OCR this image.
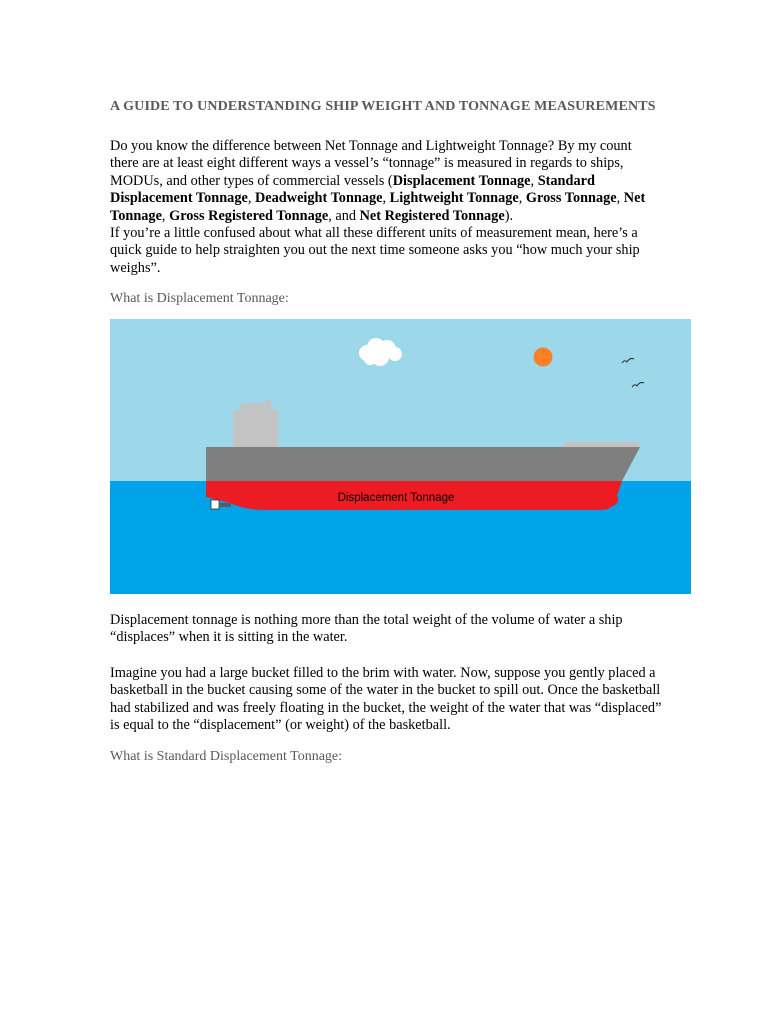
A GUIDE TO UNDERSTANDING SHIP WEIGHT AND TONNAGE MEASUREMENTS
Do you know the difference between Net Tonnage and Lightweight Tonnage? By my count
there are at least eight different ways a vessel’s “tonnage” is measured in regards to ships,
MODUs, and other types of commercial vessels (Displacement Tonnage, Standard
Displacement Tonnage, Deadweight Tonnage, Lightweight Tonnage, Gross Tonnage, Net
Tonnage, Gross Registered Tonnage, and Net Registered Tonnage).
If you’re a little confused about what all these different units of measurement mean, here’s a
quick guide to help straighten you out the next time someone asks you “how much your ship
weighs”.
What is Displacement Tonnage:
Displacement Tonnage
Displacement tonnage is nothing more than the total weight of the volume of water a ship
“displaces” when it is sitting in the water.
Imagine you had a large bucket filled to the brim with water. Now, suppose you gently placed a
basketball in the bucket causing some of the water in the bucket to spill out. Once the basketball
had stabilized and was freely floating in the bucket, the weight of the water that was “displaced”
is equal to the “displacement” (or weight) of the basketball.
What is Standard Displacement Tonnage:
